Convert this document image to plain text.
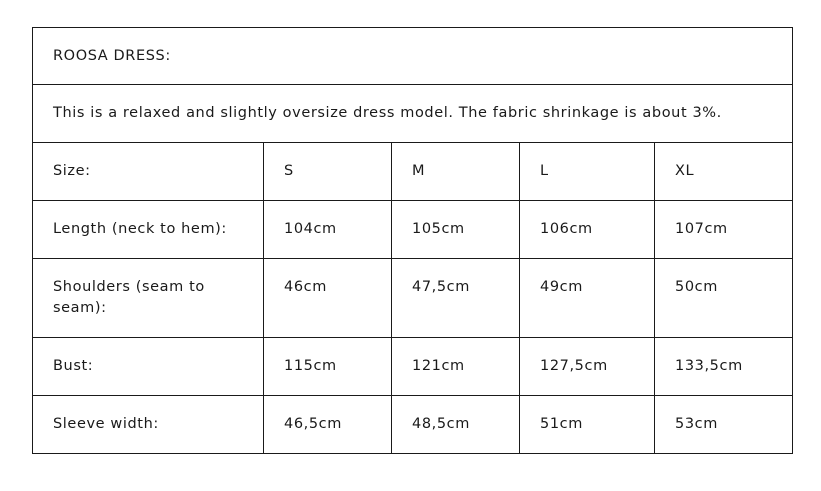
ROOSA DRESS:				
This is a relaxed and slightly oversize dress model. The fabric shrinkage is about 3%.				
Size:	S	M	L	XL
Length (neck to hem):	104cm	105cm	106cm	107cm
Shoulders (seam to seam):	46cm	47,5cm	49cm	50cm
Bust:	115cm	121cm	127,5cm	133,5cm
Sleeve width:	46,5cm	48,5cm	51cm	53cm
